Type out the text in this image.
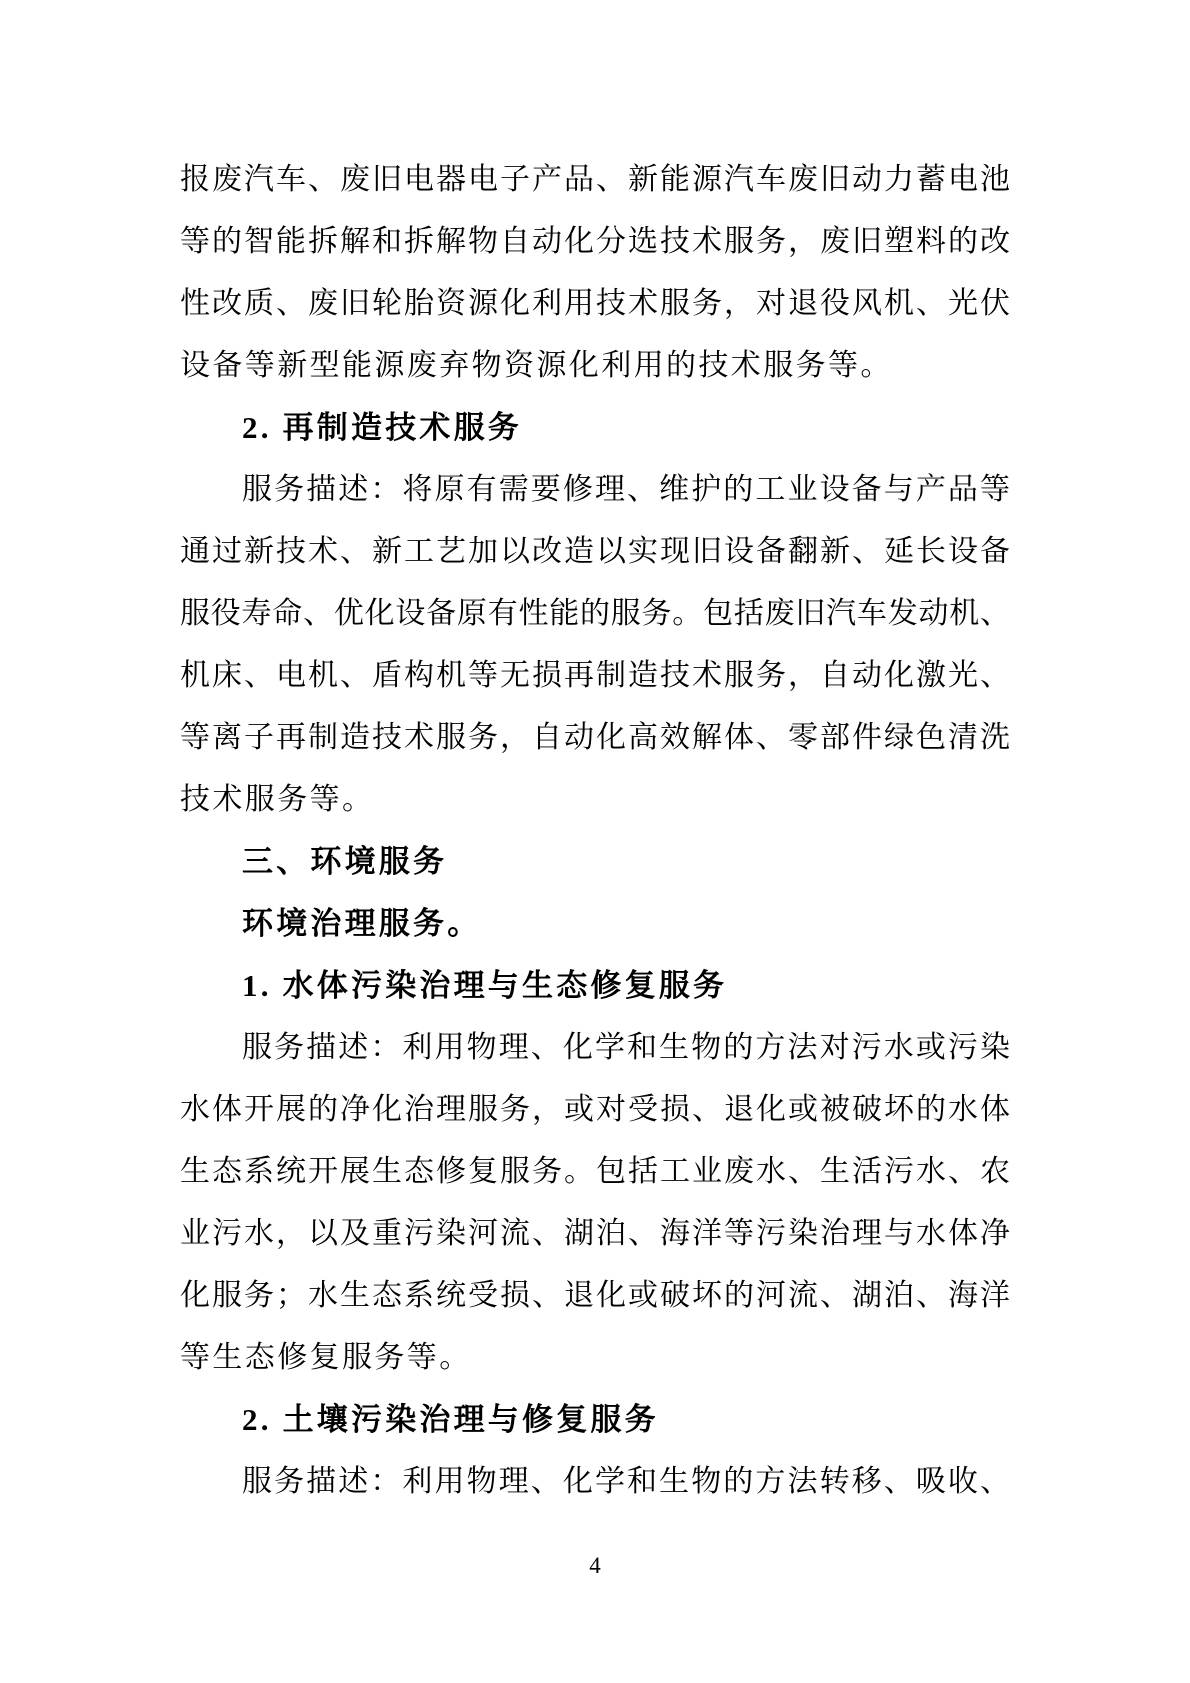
报废汽车、废旧电器电子产品、新能源汽车废旧动力蓄电池
等的智能拆解和拆解物自动化分选技术服务，废旧塑料的改
性改质、废旧轮胎资源化利用技术服务，对退役风机、光伏
设备等新型能源废弃物资源化利用的技术服务等。
2. 再制造技术服务
服务描述：将原有需要修理、维护的工业设备与产品等
通过新技术、新工艺加以改造以实现旧设备翻新、延长设备
服役寿命、优化设备原有性能的服务。包括废旧汽车发动机、
机床、电机、盾构机等无损再制造技术服务，自动化激光、
等离子再制造技术服务，自动化高效解体、零部件绿色清洗
技术服务等。
三、环境服务
环境治理服务。
1. 水体污染治理与生态修复服务
服务描述：利用物理、化学和生物的方法对污水或污染
水体开展的净化治理服务，或对受损、退化或被破坏的水体
生态系统开展生态修复服务。包括工业废水、生活污水、农
业污水，以及重污染河流、湖泊、海洋等污染治理与水体净
化服务；水生态系统受损、退化或破坏的河流、湖泊、海洋
等生态修复服务等。
2. 土壤污染治理与修复服务
服务描述：利用物理、化学和生物的方法转移、吸收、
4
